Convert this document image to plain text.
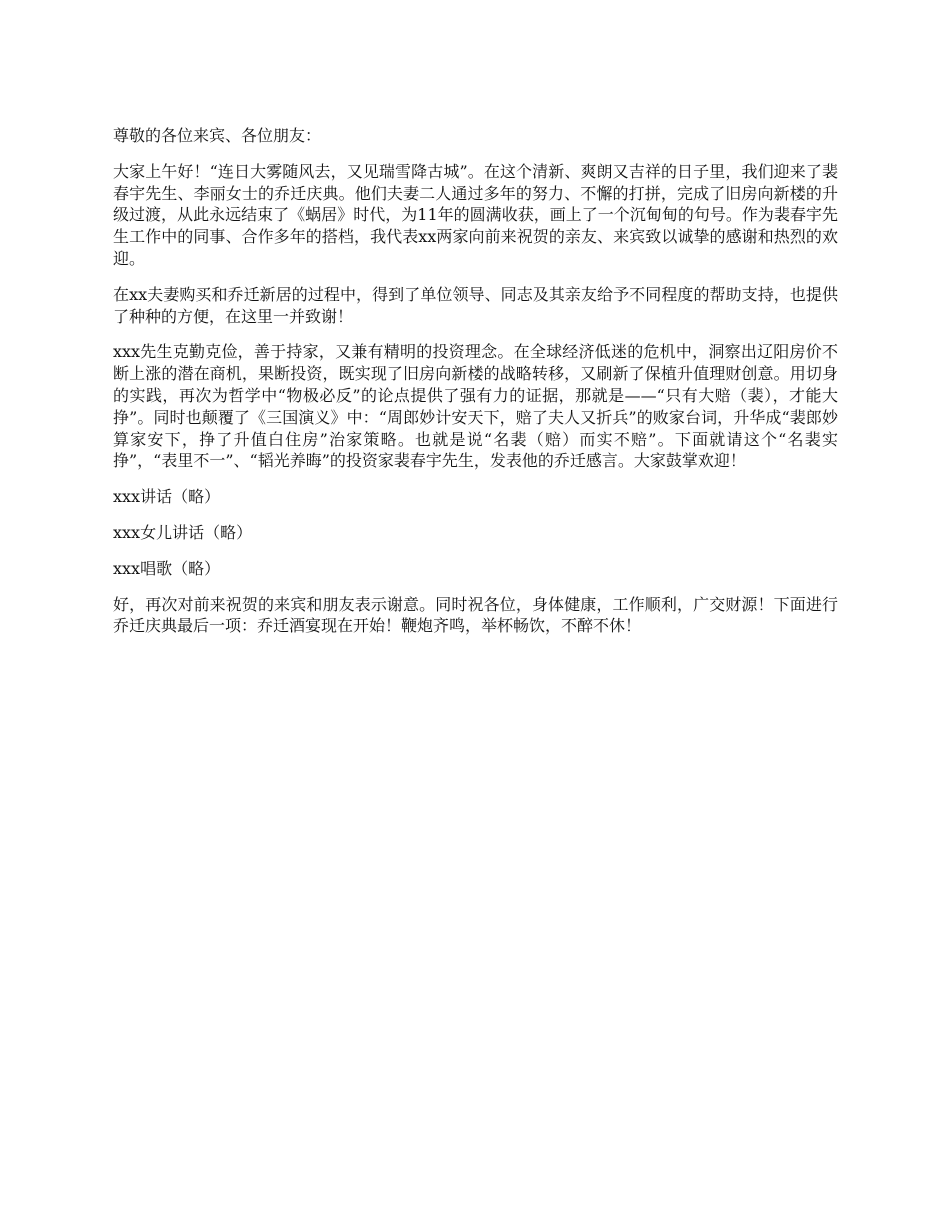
尊敬的各位来宾、各位朋友：

大家上午好！“连日大雾随风去，又见瑞雪降古城”。在这个清新、爽朗又吉祥的日子里，我们迎来了裴春宇先生、李丽女士的乔迁庆典。他们夫妻二人通过多年的努力、不懈的打拼，完成了旧房向新楼的升级过渡，从此永远结束了《蜗居》时代，为11年的圆满收获，画上了一个沉甸甸的句号。作为裴春宇先生工作中的同事、合作多年的搭档，我代表xx两家向前来祝贺的亲友、来宾致以诚挚的感谢和热烈的欢迎。

在xx夫妻购买和乔迁新居的过程中，得到了单位领导、同志及其亲友给予不同程度的帮助支持，也提供了种种的方便，在这里一并致谢！

xxx先生克勤克俭，善于持家，又兼有精明的投资理念。在全球经济低迷的危机中，洞察出辽阳房价不断上涨的潜在商机，果断投资，既实现了旧房向新楼的战略转移，又刷新了保植升值理财创意。用切身的实践，再次为哲学中“物极必反”的论点提供了强有力的证据，那就是——“只有大赔（裴），才能大挣”。同时也颠覆了《三国演义》中：“周郎妙计安天下，赔了夫人又折兵”的败家台词，升华成“裴郎妙算家安下，挣了升值白住房”治家策略。也就是说“名裴（赔）而实不赔”。下面就请这个“名裴实挣”，“表里不一”、“韬光养晦”的投资家裴春宇先生，发表他的乔迁感言。大家鼓掌欢迎！

xxx讲话（略）

xxx女儿讲话（略）

xxx唱歌（略）

好，再次对前来祝贺的来宾和朋友表示谢意。同时祝各位，身体健康，工作顺利，广交财源！下面进行乔迁庆典最后一项：乔迁酒宴现在开始！鞭炮齐鸣，举杯畅饮，不醉不休！
